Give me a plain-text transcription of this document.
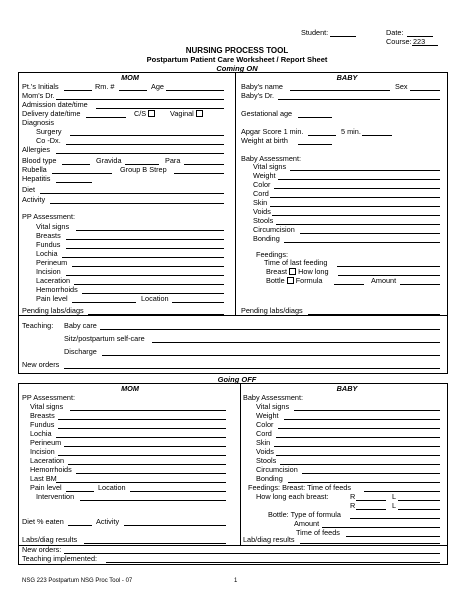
Student:	Date:
Course: 223
NURSING PROCESS TOOL
Postpartum Patient Care Worksheet / Report Sheet
Coming ON
MOM
Pt.'s Initials	Rm. #	Age
Mom's Dr.
Admission date/time
Delivery date/time	C/S	Vaginal
Diagnosis
Surgery
Co -Dx.
Allergies
Blood type	Gravida	Para
Rubella	Group B Strep
Hepatitis
Diet
Activity
PP Assessment:
Vital signs
Breasts
Fundus
Lochia
Perineum
Incision
Laceration
Hemorrhoids
Pain level	Location
Pending labs/diags
BABY
Baby's name	Sex
Baby's Dr.
Gestational age
Apgar Score 1 min.	5 min.
Weight at birth
Baby Assessment:
Vital signs
Weight
Color
Cord
Skin
Voids
Stools
Circumcision
Bonding
Feedings:
Time of last feeding
Breast How long
Bottle Formula	Amount
Pending labs/diags
Teaching: Baby care
Sitz/postpartum self-care
Discharge
New orders
Going OFF
MOM	BABY
PP Assessment:
Vital signs
Breasts
Fundus
Lochia
Perineum
Incision
Laceration
Hemorrhoids
Last BM
Pain level	Location
Intervention
Diet % eaten	Activity
Labs/diag results
Baby Assessment:
Vital signs
Weight
Color
Cord
Skin
Voids
Stools
Circumcision
Bonding
Feedings: Breast: Time of feeds
How long each breast:	R	L
R	L
Bottle: Type of formula
Amount
Time of feeds
Lab/diag results
New orders:
Teaching implemented:
NSG 223 Postpartum NSG Proc Tool - 07	1
